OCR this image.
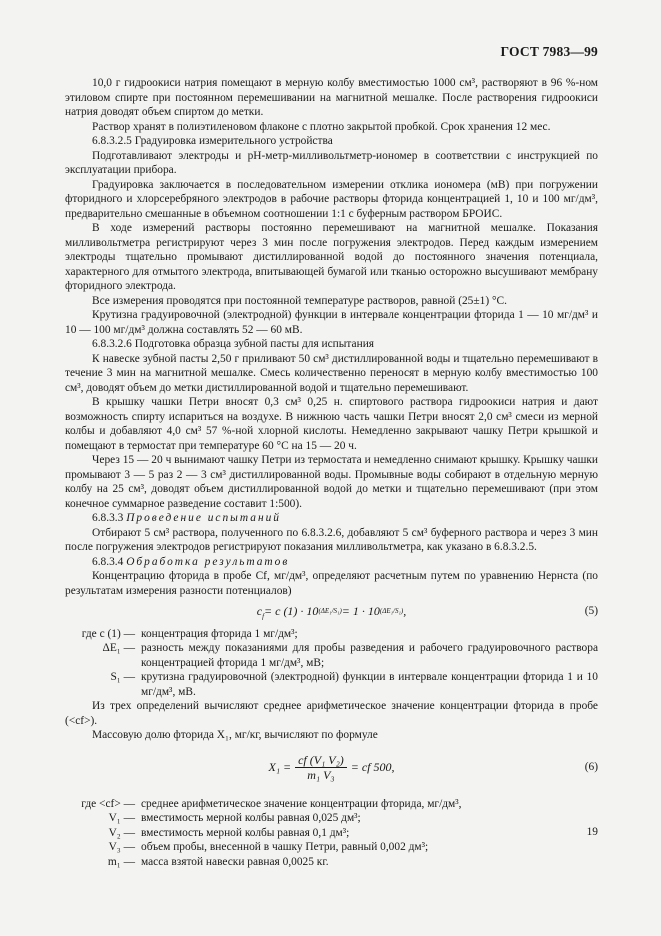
ГОСТ 7983—99

10,0 г гидроокиси натрия помещают в мерную колбу вместимостью 1000 см³, растворяют в 96 %-ном этиловом спирте при постоянном перемешивании на магнитной мешалке. После растворения гидроокиси натрия доводят объем спиртом до метки.

Раствор хранят в полиэтиленовом флаконе с плотно закрытой пробкой. Срок хранения 12 мес.

6.8.3.2.5 Градуировка измерительного устройства

Подготавливают электроды и рН-метр-милливольтметр-иономер в соответствии с инструкцией по эксплуатации прибора.

Градуировка заключается в последовательном измерении отклика иономера (мВ) при погружении фторидного и хлорсеребряного электродов в рабочие растворы фторида концентрацией 1, 10 и 100 мг/дм³, предварительно смешанные в объемном соотношении 1:1 с буферным раствором БРОИС.

В ходе измерений растворы постоянно перемешивают на магнитной мешалке. Показания милливольтметра регистрируют через 3 мин после погружения электродов. Перед каждым измерением электроды тщательно промывают дистиллированной водой до постоянного значения потенциала, характерного для отмытого электрода, впитывающей бумагой или тканью осторожно высушивают мембрану фторидного электрода.

Все измерения проводятся при постоянной температуре растворов, равной (25±1) °С.

Крутизна градуировочной (электродной) функции в интервале концентрации фторида 1 — 10 мг/дм³ и 10 — 100 мг/дм³ должна составлять 52 — 60 мВ.

6.8.3.2.6 Подготовка образца зубной пасты для испытания

К навеске зубной пасты 2,50 г приливают 50 см³ дистиллированной воды и тщательно перемешивают в течение 3 мин на магнитной мешалке. Смесь количественно переносят в мерную колбу вместимостью 100 см³, доводят объем до метки дистиллированной водой и тщательно перемешивают.

В крышку чашки Петри вносят 0,3 см³ 0,25 н. спиртового раствора гидроокиси натрия и дают возможность спирту испариться на воздухе. В нижнюю часть чашки Петри вносят 2,0 см³ смеси из мерной колбы и добавляют 4,0 см³ 57 %-ной хлорной кислоты. Немедленно закрывают чашку Петри крышкой и помещают в термостат при температуре 60 °С на 15 — 20 ч.

Через 15 — 20 ч вынимают чашку Петри из термостата и немедленно снимают крышку. Крышку чашки промывают 3 — 5 раз 2 — 3 см³ дистиллированной воды. Промывные воды собирают в отдельную мерную колбу на 25 см³, доводят объем дистиллированной водой до метки и тщательно перемешивают (при этом конечное суммарное разведение составит 1:500).

6.8.3.3 Проведение испытаний

Отбирают 5 см³ раствора, полученного по 6.8.3.2.6, добавляют 5 см³ буферного раствора и через 3 мин после погружения электродов регистрируют показания милливольтметра, как указано в 6.8.3.2.5.

6.8.3.4 Обработка результатов

Концентрацию фторида в пробе Cf, мг/дм³, определяют расчетным путем по уравнению Нернста (по результатам измерения разности потенциалов)

$c_f = c$ (1) · 10 (ΔE₁/S₁) = 1 · 10 (ΔE₁/S₁) ,	(5)
где c (1) — концентрация фторида 1 мг/дм³;
ΔE₁ — разность между показаниями для пробы разведения и рабочего градуировочного раствора концентрацией фторида 1 мг/дм³, мВ;
S₁ — крутизна градуировочной (электродной) функции в интервале концентрации фторида 1 и 10 мг/дм³, мВ.

Из трех определений вычисляют среднее арифметическое значение концентрации фторида в пробе (<cf>).

Массовую долю фторида X₁, мг/кг, вычисляют по формуле

$X_1 = \frac{\text{cf (V₁ V₂)}}{\text{m₁ V₃}}$ = cf 500,	(6)
где <cf> — среднее арифметическое значение концентрации фторида, мг/дм³,
V₁ — вместимость мерной колбы равная 0,025 дм³;
V₂ — вместимость мерной колбы равная 0,1 дм³;
V₃ — объем пробы, внесенной в чашку Петри, равный 0,002 дм³;
m₁ — масса взятой навески равная 0,0025 кг.
19
